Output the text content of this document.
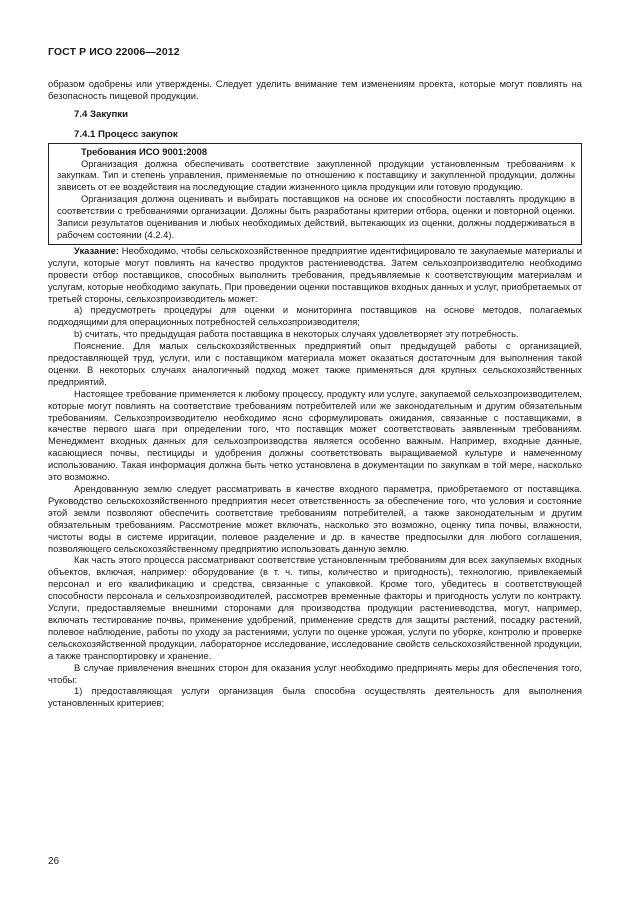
ГОСТ Р ИСО 22006—2012

образом одобрены или утверждены. Следует уделить внимание тем изменениям проекта, которые могут повлиять на безопасность пищевой продукции.

7.4 Закупки

7.4.1 Процесс закупок

Требования ИСО 9001:2008

Организация должна обеспечивать соответствие закупленной продукции установленным требованиям к закупкам. Тип и степень управления, применяемые по отношению к поставщику и закупленной продукции, должны зависеть от ее воздействия на последующие стадии жизненного цикла продукции или готовую продукцию.

Организация должна оценивать и выбирать поставщиков на основе их способности поставлять продукцию в соответствии с требованиями организации. Должны быть разработаны критерии отбора, оценки и повторной оценки. Записи результатов оценивания и любых необходимых действий, вытекающих из оценки, должны поддерживаться в рабочем состоянии (4.2.4).

Указание: Необходимо, чтобы сельскохозяйственное предприятие идентифицировало те закупаемые материалы и услуги, которые могут повлиять на качество продуктов растениеводства. Затем сельхозпроизводителю необходимо провести отбор поставщиков, способных выполнить требования, предъявляемые к соответствующим материалам и услугам, которые необходимо закупать. При проведении оценки поставщиков входных данных и услуг, приобретаемых от третьей стороны, сельхозпроизводитель может:

a) предусмотреть процедуры для оценки и мониторинга поставщиков на основе методов, полагаемых подходящими для операционных потребностей сельхозпроизводителя;

b) считать, что предыдущая работа поставщика в некоторых случаях удовлетворяет эту потребность.

Пояснение. Для малых сельскохозяйственных предприятий опыт предыдущей работы с организацией, предоставляющей труд, услуги, или с поставщиком материала может оказаться достаточным для выполнения такой оценки. В некоторых случаях аналогичный подход может также применяться для крупных сельскохозяйственных предприятий.

Настоящее требование применяется к любому процессу, продукту или услуге, закупаемой сельхозпроизводителем, которые могут повлиять на соответствие требованиям потребителей или же законодательным и другим обязательным требованиям. Сельхозпроизводителю необходимо ясно сформулировать ожидания, связанные с поставщиками, в качестве первого шага при определении того, что поставщик может соответствовать заявленным требованиям. Менеджмент входных данных для сельхозпроизводства является особенно важным. Например, входные данные, касающиеся почвы, пестициды и удобрения должны соответствовать выращиваемой культуре и намеченному использованию. Такая информация должна быть четко установлена в документации по закупкам в той мере, насколько это возможно.

Арендованную землю следует рассматривать в качестве входного параметра, приобретаемого от поставщика. Руководство сельскохозяйственного предприятия несет ответственность за обеспечение того, что условия и состояние этой земли позволяют обеспечить соответствие требованиям потребителей, а также законодательным и другим обязательным требованиям. Рассмотрение может включать, насколько это возможно, оценку типа почвы, влажности, чистоты воды в системе ирригации, полевое разделение и др. в качестве предпосылки для любого соглашения, позволяющего сельскохозяйственному предприятию использовать данную землю.

Как часть этого процесса рассматривают соответствие установленным требованиям для всех закупаемых входных объектов, включая, например: оборудование (в т. ч. типы, количество и пригодность), технологию, привлекаемый персонал и его квалификацию и средства, связанные с упаковкой. Кроме того, убедитесь в соответствующей способности персонала и сельхозпроизводителей, рассмотрев временные факторы и пригодность услуги по контракту. Услуги, предоставляемые внешними сторонами для производства продукции растениеводства, могут, например, включать тестирование почвы, применение удобрений, применение средств для защиты растений, посадку растений, полевое наблюдение, работы по уходу за растениями, услуги по оценке урожая, услуги по уборке, контролю и проверке сельскохозяйственной продукции, лабораторное исследование, исследование свойств сельскохозяйственной продукции, а также транспортировку и хранение.

В случае привлечения внешних сторон для оказания услуг необходимо предпринять меры для обеспечения того, чтобы:

1) предоставляющая услуги организация была способна осуществлять деятельность для выполнения установленных критериев;

26
